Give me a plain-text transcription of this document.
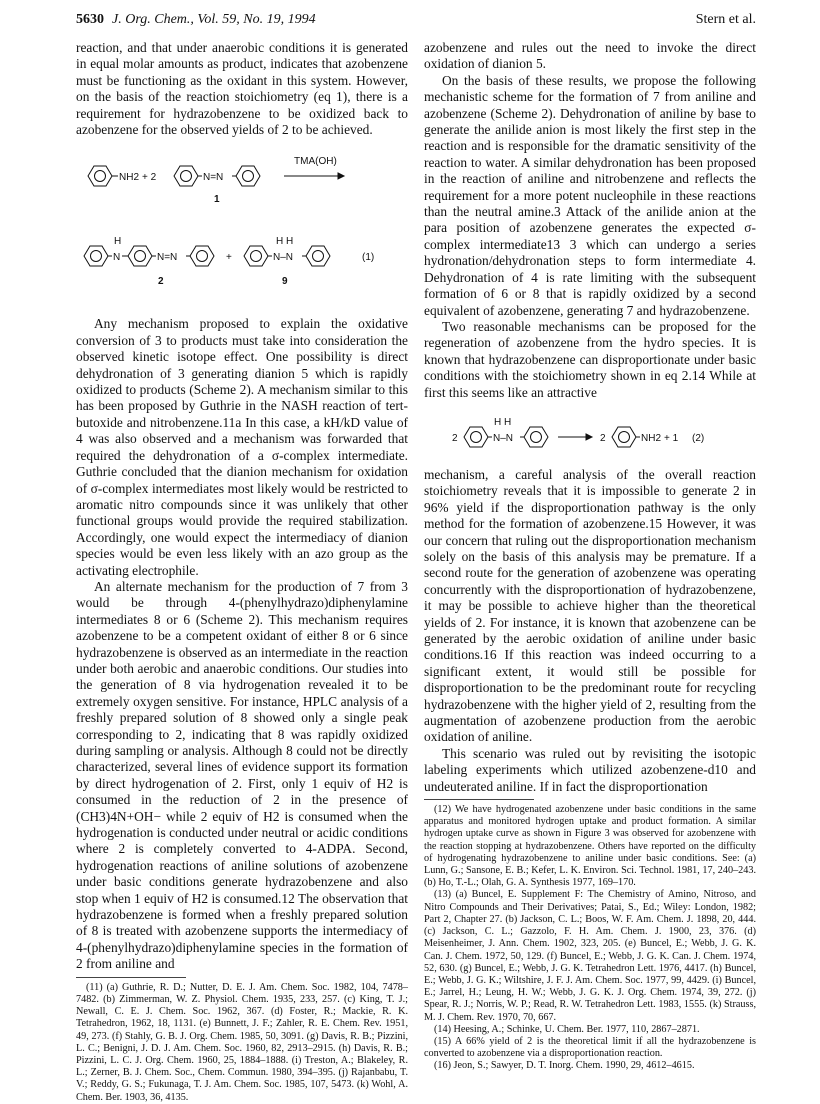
5630 J. Org. Chem., Vol. 59, No. 19, 1994	Stern et al.

reaction, and that under anaerobic conditions it is generated in equal molar amounts as product, indicates that azobenzene must be functioning as the oxidant in this system. However, on the basis of the reaction stoichiometry (eq 1), there is a requirement for hydrazobenzene to be oxidized back to azobenzene for the observed yields of 2 to be achieved.

NH2 + 2	N=N
TMA(OH)
1
H
N	N=N
2
+
H H
N–N
9
(1)

Any mechanism proposed to explain the oxidative conversion of 3 to products must take into consideration the observed kinetic isotope effect. One possibility is direct dehydronation of 3 generating dianion 5 which is rapidly oxidized to products (Scheme 2). A mechanism similar to this has been proposed by Guthrie in the NASH reaction of tert-butoxide and nitrobenzene.11a In this case, a kH/kD value of 4 was also observed and a mechanism was forwarded that required the dehydronation of a σ-complex intermediate. Guthrie concluded that the dianion mechanism for oxidation of σ-complex intermediates most likely would be restricted to aromatic nitro compounds since it was unlikely that other functional groups would provide the required stabilization. Accordingly, one would expect the intermediacy of dianion species would be even less likely with an azo group as the activating electrophile.

An alternate mechanism for the production of 7 from 3 would be through 4-(phenylhydrazo)diphenylamine intermediates 8 or 6 (Scheme 2). This mechanism requires azobenzene to be a competent oxidant of either 8 or 6 since hydrazobenzene is observed as an intermediate in the reaction under both aerobic and anaerobic conditions. Our studies into the generation of 8 via hydrogenation revealed it to be extremely oxygen sensitive. For instance, HPLC analysis of a freshly prepared solution of 8 showed only a single peak corresponding to 2, indicating that 8 was rapidly oxidized during sampling or analysis. Although 8 could not be directly characterized, several lines of evidence support its formation by direct hydrogenation of 2. First, only 1 equiv of H2 is consumed in the reduction of 2 in the presence of (CH3)4N+OH− while 2 equiv of H2 is consumed when the hydrogenation is conducted under neutral or acidic conditions where 2 is completely converted to 4-ADPA. Second, hydrogenation reactions of aniline solutions of azobenzene under basic conditions generate hydrazobenzene and also stop when 1 equiv of H2 is consumed.12 The observation that hydrazobenzene is formed when a freshly prepared solution of 8 is treated with azobenzene supports the intermediacy of 4-(phenylhydrazo)diphenylamine species in the formation of 2 from aniline and

(11) (a) Guthrie, R. D.; Nutter, D. E. J. Am. Chem. Soc. 1982, 104, 7478–7482. (b) Zimmerman, W. Z. Physiol. Chem. 1935, 233, 257. (c) King, T. J.; Newall, C. E. J. Chem. Soc. 1962, 367. (d) Foster, R.; Mackie, R. K. Tetrahedron, 1962, 18, 1131. (e) Bunnett, J. F.; Zahler, R. E. Chem. Rev. 1951, 49, 273. (f) Stahly, G. B. J. Org. Chem. 1985, 50, 3091. (g) Davis, R. B.; Pizzini, L. C.; Benigni, J. D. J. Am. Chem. Soc. 1960, 82, 2913–2915. (h) Davis, R. B.; Pizzini, L. C. J. Org. Chem. 1960, 25, 1884–1888. (i) Treston, A.; Blakeley, R. L.; Zerner, B. J. Chem. Soc., Chem. Commun. 1980, 394–395. (j) Rajanbabu, T. V.; Reddy, G. S.; Fukunaga, T. J. Am. Chem. Soc. 1985, 107, 5473. (k) Wohl, A. Chem. Ber. 1903, 36, 4135.

azobenzene and rules out the need to invoke the direct oxidation of dianion 5.

On the basis of these results, we propose the following mechanistic scheme for the formation of 7 from aniline and azobenzene (Scheme 2). Dehydronation of aniline by base to generate the anilide anion is most likely the first step in the reaction and is responsible for the dramatic sensitivity of the reaction to water. A similar dehydronation has been proposed in the reaction of aniline and nitrobenzene and reflects the requirement for a more potent nucleophile in these reactions than the neutral amine.3 Attack of the anilide anion at the para position of azobenzene generates the expected σ-complex intermediate13 3 which can undergo a series hydronation/dehydronation steps to form intermediate 4. Dehydronation of 4 is rate limiting with the subsequent formation of 6 or 8 that is rapidly oxidized by a second equivalent of azobenzene, generating 7 and hydrazobenzene.

Two reasonable mechanisms can be proposed for the regeneration of azobenzene from the hydro species. It is known that hydrazobenzene can disproportionate under basic conditions with the stoichiometry shown in eq 2.14 While at first this seems like an attractive

2
H H
N–N	2	NH2 + 1 (2)

mechanism, a careful analysis of the overall reaction stoichiometry reveals that it is impossible to generate 2 in 96% yield if the disproportionation pathway is the only method for the formation of azobenzene.15 However, it was our concern that ruling out the disproportionation mechanism solely on the basis of this analysis may be premature. If a second route for the generation of azobenzene was operating concurrently with the disproportionation of hydrazobenzene, it may be possible to achieve higher than the theoretical yields of 2. For instance, it is known that azobenzene can be generated by the aerobic oxidation of aniline under basic conditions.16 If this reaction was indeed occurring to a significant extent, it would still be possible for disproportionation to be the predominant route for recycling hydrazobenzene with the higher yield of 2, resulting from the augmentation of azobenzene production from the aerobic oxidation of aniline.

This scenario was ruled out by revisiting the isotopic labeling experiments which utilized azobenzene-d10 and undeuterated aniline. If in fact the disproportionation

(12) We have hydrogenated azobenzene under basic conditions in the same apparatus and monitored hydrogen uptake and product formation. A similar hydrogen uptake curve as shown in Figure 3 was observed for azobenzene with the reaction stopping at hydrazobenzene. Others have reported on the difficulty of hydrogenating hydrazobenzene to aniline under basic conditions. See: (a) Lunn, G.; Sansone, E. B.; Kefer, L. K. Environ. Sci. Technol. 1981, 17, 240–243. (b) Ho, T.-L.; Olah, G. A. Synthesis 1977, 169–170.

(13) (a) Buncel, E. Supplement F: The Chemistry of Amino, Nitroso, and Nitro Compounds and Their Derivatives; Patai, S., Ed.; Wiley: London, 1982; Part 2, Chapter 27. (b) Jackson, C. L.; Boos, W. F. Am. Chem. J. 1898, 20, 444. (c) Jackson, C. L.; Gazzolo, F. H. Am. Chem. J. 1900, 23, 376. (d) Meisenheimer, J. Ann. Chem. 1902, 323, 205. (e) Buncel, E.; Webb, J. G. K. Can. J. Chem. 1972, 50, 129. (f) Buncel, E.; Webb, J. G. K. Can. J. Chem. 1974, 52, 630. (g) Buncel, E.; Webb, J. G. K. Tetrahedron Lett. 1976, 4417. (h) Buncel, E.; Webb, J. G. K.; Wiltshire, J. F. J. Am. Chem. Soc. 1977, 99, 4429. (i) Buncel, E.; Jarrel, H.; Leung, H. W.; Webb, J. G. K. J. Org. Chem. 1974, 39, 272. (j) Spear, R. J.; Norris, W. P.; Read, R. W. Tetrahedron Lett. 1983, 1555. (k) Strauss, M. J. Chem. Rev. 1970, 70, 667.

(14) Heesing, A.; Schinke, U. Chem. Ber. 1977, 110, 2867–2871.

(15) A 66% yield of 2 is the theoretical limit if all the hydrazobenzene is converted to azobenzene via a disproportionation reaction.

(16) Jeon, S.; Sawyer, D. T. Inorg. Chem. 1990, 29, 4612–4615.
